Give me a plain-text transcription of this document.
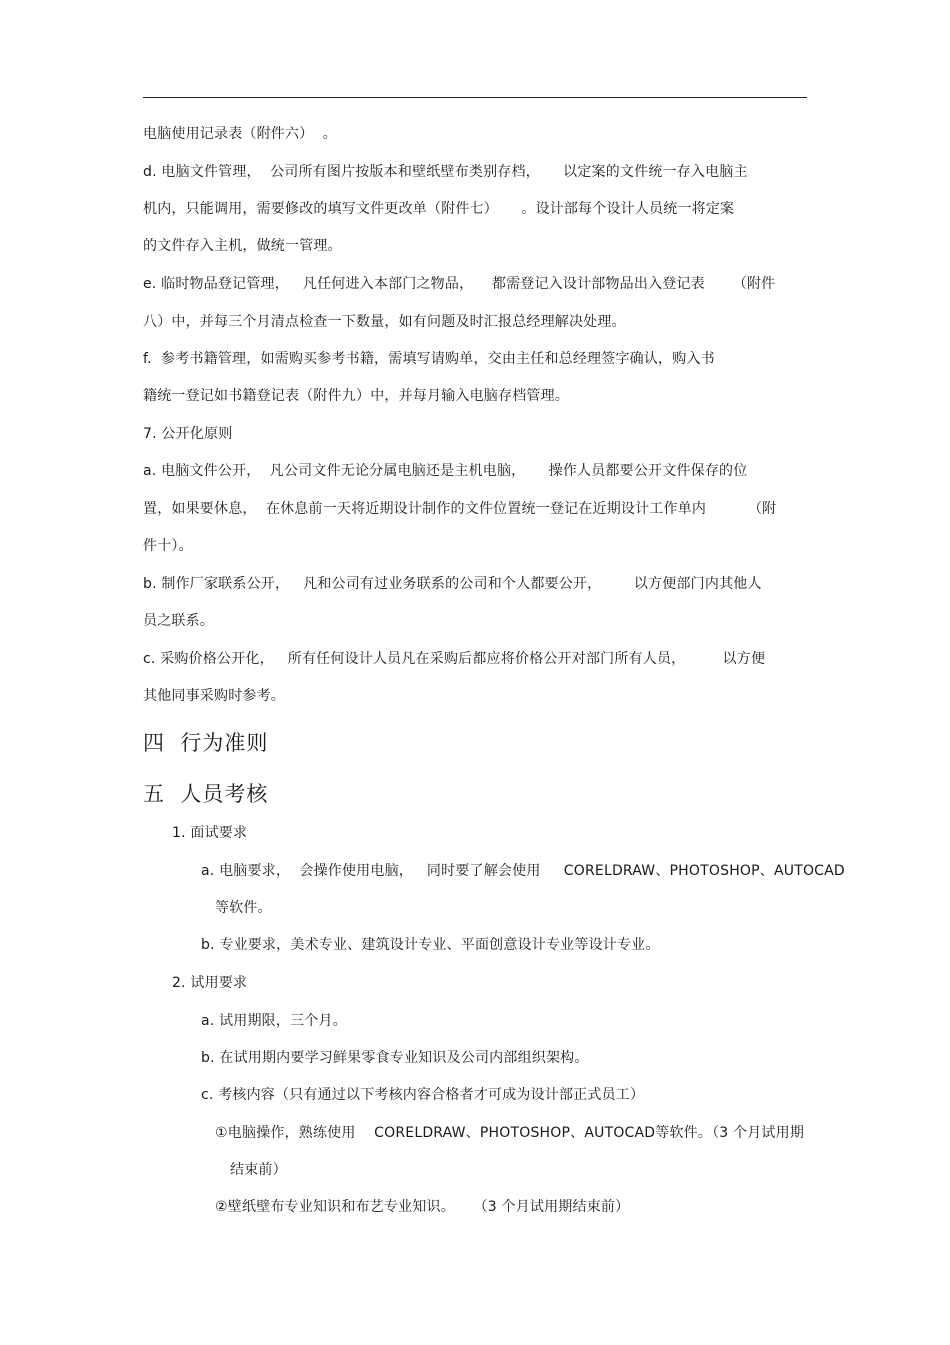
电脑使用记录表（附件六）  。
d. 电脑文件管理，  公司所有图片按版本和壁纸壁布类别存档，     以定案的文件统一存入电脑主
机内，只能调用，需要修改的填写文件更改单（附件七）     。设计部每个设计人员统一将定案
的文件存入主机，做统一管理。
e. 临时物品登记管理，   凡任何进入本部门之物品，    都需登记入设计部物品出入登记表      （附件
八）中，并每三个月清点检查一下数量，如有问题及时汇报总经理解决处理。
f.  参考书籍管理，如需购买参考书籍，需填写请购单，交由主任和总经理签字确认，购入书
籍统一登记如书籍登记表（附件九）中，并每月输入电脑存档管理。
7. 公开化原则
a. 电脑文件公开，  凡公司文件无论分属电脑还是主机电脑，     操作人员都要公开文件保存的位
置，如果要休息，  在休息前一天将近期设计制作的文件位置统一登记在近期设计工作单内         （附
件十）。
b. 制作厂家联系公开，   凡和公司有过业务联系的公司和个人都要公开，       以方便部门内其他人
员之联系。
c. 采购价格公开化，   所有任何设计人员凡在采购后都应将价格公开对部门所有人员，        以方便
其他同事采购时参考。
四  行为准则
五  人员考核
1. 面试要求
a. 电脑要求，  会操作使用电脑，   同时要了解会使用     CORELDRAW、PHOTOSHOP、AUTOCAD
等软件。
b. 专业要求，美术专业、建筑设计专业、平面创意设计专业等设计专业。
2. 试用要求
a. 试用期限，三个月。
b. 在试用期内要学习鲜果零食专业知识及公司内部组织架构。
c. 考核内容（只有通过以下考核内容合格者才可成为设计部正式员工）
①电脑操作，熟练使用    CORELDRAW、PHOTOSHOP、AUTOCAD等软件。（3 个月试用期
结束前）
②壁纸壁布专业知识和布艺专业知识。    （3 个月试用期结束前）
